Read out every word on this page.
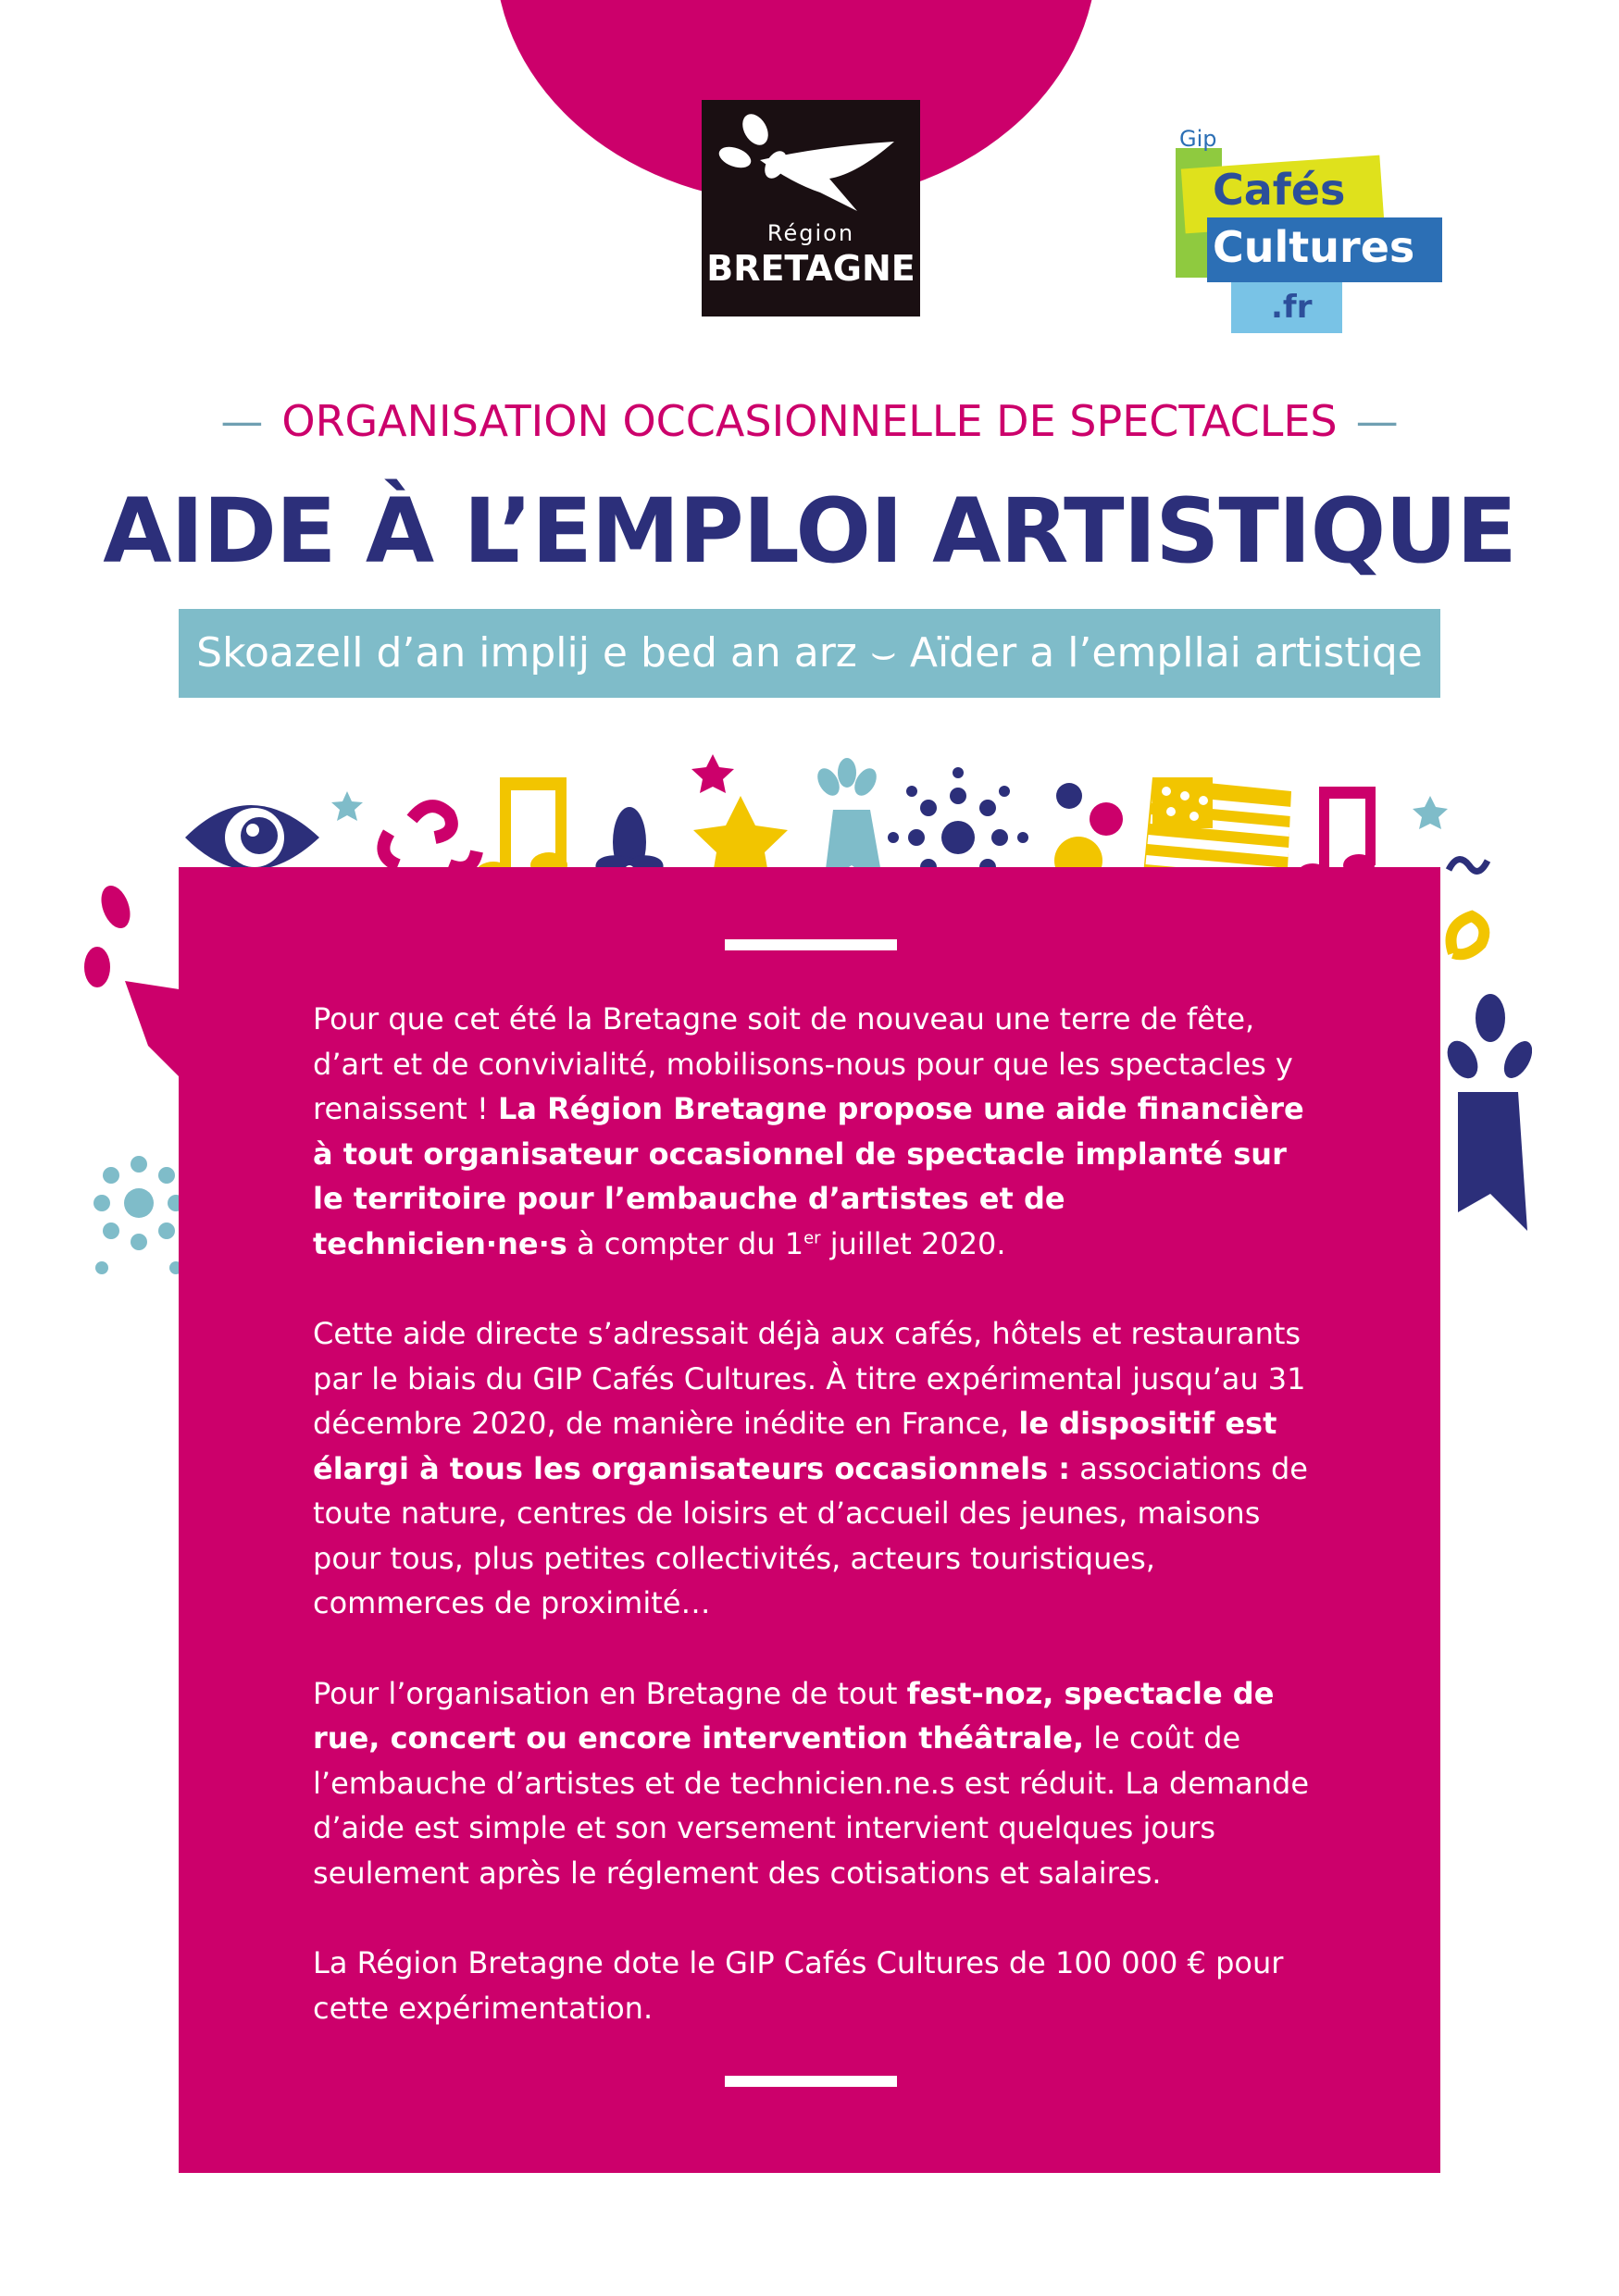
Région
BRETAGNE
Gip
Cafés
Cultures
.fr
— ORGANISATION OCCASIONNELLE DE SPECTACLES —
AIDE À L’EMPLOI ARTISTIQUE
Skoazell d’an implij e bed an arz ⌣ Aïder a l’empllai artistiqe

Pour que cet été la Bretagne soit de nouveau une terre de fête, d’art et de convivialité, mobilisons-nous pour que les spectacles y renaissent ! La Région Bretagne propose une aide financière à tout organisateur occasionnel de spectacle implanté sur le territoire pour l’embauche d’artistes et de technicien·ne·s à compter du 1er juillet 2020.

Cette aide directe s’adressait déjà aux cafés, hôtels et restaurants par le biais du GIP Cafés Cultures. À titre expérimental jusqu’au 31 décembre 2020, de manière inédite en France, le dispositif est élargi à tous les organisateurs occasionnels : associations de toute nature, centres de loisirs et d’accueil des jeunes, maisons pour tous, plus petites collectivités, acteurs touristiques, commerces de proximité…

Pour l’organisation en Bretagne de tout fest-noz, spectacle de rue, concert ou encore intervention théâtrale, le coût de l’embauche d’artistes et de technicien.ne.s est réduit. La demande d’aide est simple et son versement intervient quelques jours seulement après le réglement des cotisations et salaires.

La Région Bretagne dote le GIP Cafés Cultures de 100 000 € pour cette expérimentation.
